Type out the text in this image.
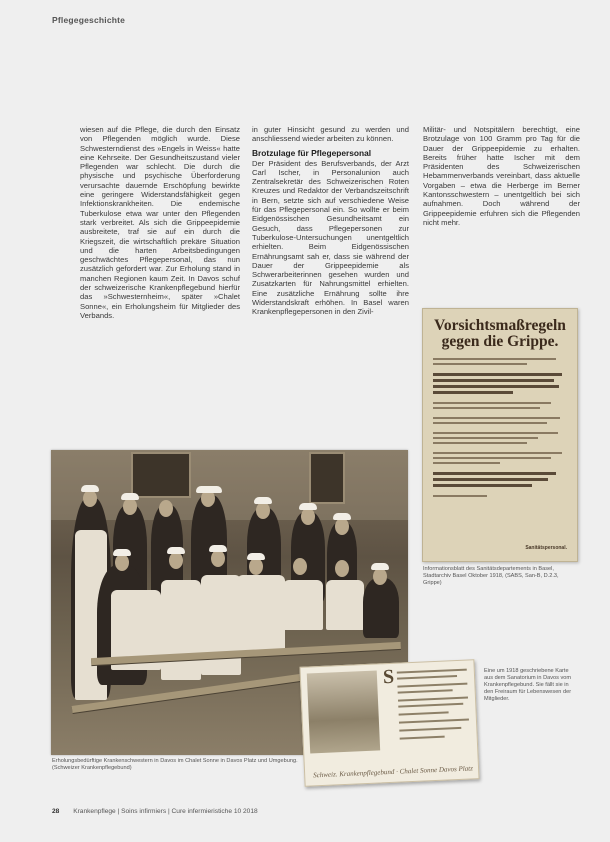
Pflegegeschichte

wiesen auf die Pflege, die durch den Einsatz von Pflegenden möglich wurde. Diese Schwesterndienst des »Engels in Weiss« hatte eine Kehrseite. Der Gesundheitszustand vieler Pflegenden war schlecht. Die durch die physische und psychische Überforderung verursachte dauernde Erschöpfung bewirkte eine geringere Widerstandsfähigkeit gegen Infektionskrankheiten. Die endemische Tuberkulose etwa war unter den Pflegenden stark verbreitet. Als sich die Grippeepidemie ausbreitete, traf sie auf ein durch die Kriegszeit, die wirtschaftlich prekäre Situation und die harten Arbeitsbedingungen geschwächtes Pflegepersonal, das nun zusätzlich gefordert war. Zur Erholung stand in manchen Regionen kaum Zeit. In Davos schuf der schweizerische Krankenpflegebund hierfür das »Schwesternheim«, später »Chalet Sonne«, ein Erholungsheim für Mitglieder des Verbands.

in guter Hinsicht gesund zu werden und anschliessend wieder arbeiten zu können.

Brotzulage für Pflegepersonal

Der Präsident des Berufsverbands, der Arzt Carl Ischer, in Personalunion auch Zentralsekretär des Schweizerischen Roten Kreuzes und Redaktor der Verbandszeitschrift in Bern, setzte sich auf verschiedene Weise für das Pflegepersonal ein. So wollte er beim Eidgenössischen Gesundheitsamt ein Gesuch, dass Pflegepersonen zur Tuberkulose-Untersuchungen unentgeltlich erhielten. Beim Eidgenössischen Ernährungsamt sah er, dass sie während der Dauer der Grippeepidemie als Schwerarbeiterinnen gesehen wurden und Zusatzkarten für Nahrungsmittel erhielten. Eine zusätzliche Ernährung sollte ihre Widerstandskraft erhöhen. In Basel waren Krankenpflegepersonen in den Zivil-

Militär- und Notspitälern berechtigt, eine Brotzulage von 100 Gramm pro Tag für die Dauer der Grippeepidemie zu erhalten. Bereits früher hatte Ischer mit dem Präsidenten des Schweizerischen Hebammenverbands vereinbart, dass aktuelle Vorgaben – etwa die Herberge im Berner Kantonsschwestern – unentgeltlich bei sich aufnahmen. Doch während der Grippeepidemie erfuhren sich die Pflegenden nicht mehr.

Vorsichtsmaßregeln gegen die Grippe.
Sanitätspersonal.
Informationsblatt des Sanitätsdepartements in Basel, Stadtarchiv Basel Oktober 1918, (SABS, San-B, D.2.3, Grippe)
Erholungsbedürftige Krankenschwestern in Davos im Chalet Sonne in Davos Platz und Umgebung. (Schweizer Krankenpflegebund)
S
Schweiz. Krankenpflegebund · Chalet Sonne Davos Platz
Eine um 1918 geschriebene Karte aus dem Sanatorium in Davos vom Krankenpflegebund. Sie fällt sie in den Freiraum für Lebenswesen der Mitglieder.
28 Krankenpflege | Soins infirmiers | Cure infermieristiche 10 2018
